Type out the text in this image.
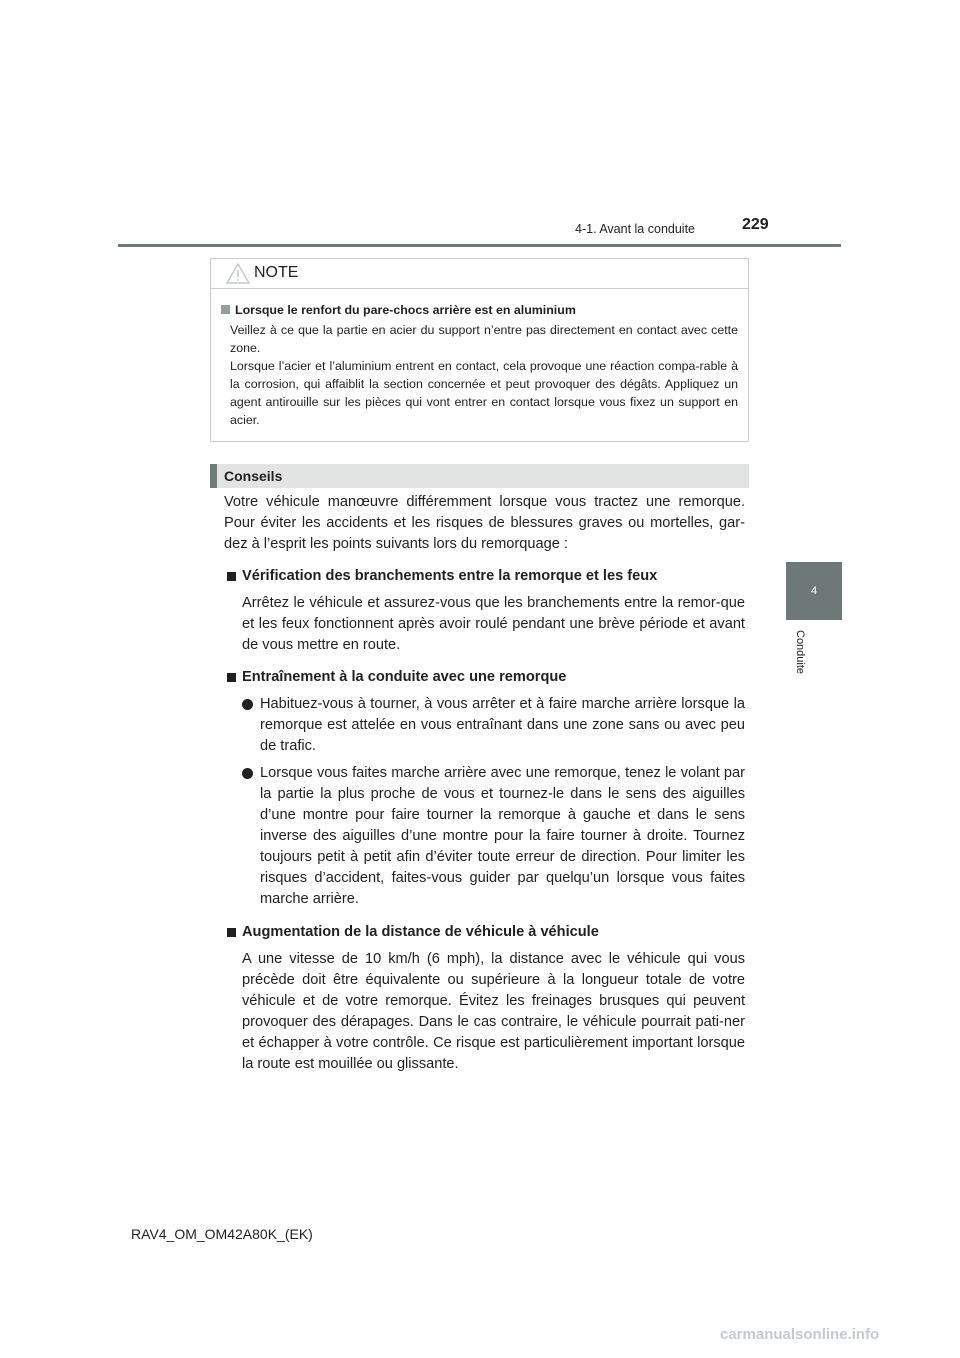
4-1. Avant la conduite	229
4
Conduite
NOTE
Lorsque le renfort du pare-chocs arrière est en aluminium
Veillez à ce que la partie en acier du support n’entre pas directement en contact avec cette zone.
Lorsque l’acier et l’aluminium entrent en contact, cela provoque une réaction compa-rable à la corrosion, qui affaiblit la section concernée et peut provoquer des dégâts. Appliquez un agent antirouille sur les pièces qui vont entrer en contact lorsque vous fixez un support en acier.
Conseils

Votre véhicule manœuvre différemment lorsque vous tractez une remorque. Pour éviter les accidents et les risques de blessures graves ou mortelles, gar-dez à l’esprit les points suivants lors du remorquage :

Vérification des branchements entre la remorque et les feux

Arrêtez le véhicule et assurez-vous que les branchements entre la remor-que et les feux fonctionnent après avoir roulé pendant une brève période et avant de vous mettre en route.

Entraînement à la conduite avec une remorque

Habituez-vous à tourner, à vous arrêter et à faire marche arrière lorsque la remorque est attelée en vous entraînant dans une zone sans ou avec peu de trafic.

Lorsque vous faites marche arrière avec une remorque, tenez le volant par la partie la plus proche de vous et tournez-le dans le sens des aiguilles d’une montre pour faire tourner la remorque à gauche et dans le sens inverse des aiguilles d’une montre pour la faire tourner à droite. Tournez toujours petit à petit afin d’éviter toute erreur de direction. Pour limiter les risques d’accident, faites-vous guider par quelqu’un lorsque vous faites marche arrière.

Augmentation de la distance de véhicule à véhicule

A une vitesse de 10 km/h (6 mph), la distance avec le véhicule qui vous précède doit être équivalente ou supérieure à la longueur totale de votre véhicule et de votre remorque. Évitez les freinages brusques qui peuvent provoquer des dérapages. Dans le cas contraire, le véhicule pourrait pati-ner et échapper à votre contrôle. Ce risque est particulièrement important lorsque la route est mouillée ou glissante.

RAV4_OM_OM42A80K_(EK)
carmanualsonline.info
